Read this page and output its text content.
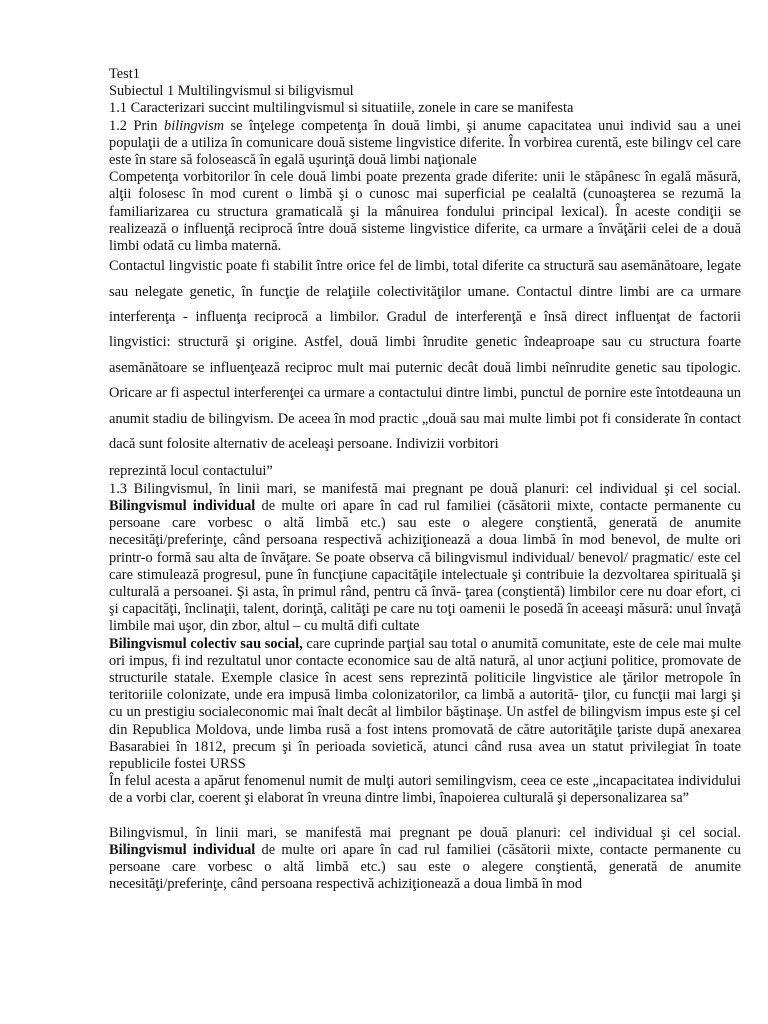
Test1
Subiectul 1 Multilingvismul si biligvismul
1.1 Caracterizari succint multilingvismul si situatiile, zonele in care se manifesta

1.2 Prin bilingvism se înţelege competenţa în două limbi, şi anume capacitatea unui individ sau a unei populaţii de a utiliza în comunicare două sisteme lingvistice diferite. În vorbirea curentă, este bilingv cel care este în stare să folosească în egală uşurinţă două limbi naţionale

Competenţa vorbitorilor în cele două limbi poate prezenta grade diferite: unii le stăpânesc în egală măsură, alţii folosesc în mod curent o limbă şi o cunosc mai superficial pe cealaltă (cunoaşterea se rezumă la familiarizarea cu structura gramaticală şi la mânuirea fondului principal lexical). În aceste condiţii se realizează o influenţă reciprocă între două sisteme lingvistice diferite, ca urmare a învăţării celei de a două limbi odată cu limba maternă.

Contactul lingvistic poate fi stabilit între orice fel de limbi, total diferite ca structură sau asemănătoare, legate sau nelegate genetic, în funcţie de relaţiile colectivităţilor umane. Contactul dintre limbi are ca urmare interferenţa - influenţa reciprocă a limbilor. Gradul de interferenţă e însă direct influenţat de factorii lingvistici: structură şi origine. Astfel, două limbi înrudite genetic îndeaproape sau cu structura foarte asemănătoare se influenţează reciproc mult mai puternic decât două limbi neînrudite genetic sau tipologic. Oricare ar fi aspectul interferenţei ca urmare a contactului dintre limbi, punctul de pornire este întotdeauna un anumit stadiu de bilingvism. De aceea în mod practic „două sau mai multe limbi pot fi considerate în contact dacă sunt folosite alternativ de aceleaşi persoane. Indivizii vorbitori

reprezintă locul contactului”

1.3 Bilingvismul, în linii mari, se manifestă mai pregnant pe două planuri: cel individual şi cel social. Bilingvismul individual de multe ori apare în cad rul familiei (căsătorii mixte, contacte permanente cu persoane care vorbesc o altă limbă etc.) sau este o alegere conştientă, generată de anumite necesităţi/preferinţe, când persoana respectivă achiziţionează a doua limbă în mod benevol, de multe ori printr-o formă sau alta de învăţare. Se poate observa că bilingvismul individual/ benevol/ pragmatic/ este cel care stimulează progresul, pune în funcţiune capacităţile intelectuale şi contribuie la dezvoltarea spirituală şi culturală a persoanei. Şi asta, în primul rând, pentru că învă- ţarea (conştientă) limbilor cere nu doar efort, ci şi capacităţi, înclinaţii, talent, dorinţă, calităţi pe care nu toţi oamenii le posedă în aceeaşi măsură: unul învaţă limbile mai uşor, din zbor, altul – cu multă difi cultate

Bilingvismul colectiv sau social, care cuprinde parţial sau total o anumită comunitate, este de cele mai multe ori impus, fi ind rezultatul unor contacte economice sau de altă natură, al unor acţiuni politice, promovate de structurile statale. Exemple clasice în acest sens reprezintă politicile lingvistice ale ţărilor metropole în teritoriile colonizate, unde era impusă limba colonizatorilor, ca limbă a autorită- ţilor, cu funcţii mai largi şi cu un prestigiu socialeconomic mai înalt decât al limbilor băştinaşe. Un astfel de bilingvism impus este şi cel din Republica Moldova, unde limba rusă a fost intens promovată de către autorităţile ţariste după anexarea Basarabiei în 1812, precum şi în perioada sovietică, atunci când rusa avea un statut privilegiat în toate republicile fostei URSS

În felul acesta a apărut fenomenul numit de mulţi autori semilingvism, ceea ce este „incapacitatea individului de a vorbi clar, coerent şi elaborat în vreuna dintre limbi, înapoierea culturală şi depersonalizarea sa”

Bilingvismul, în linii mari, se manifestă mai pregnant pe două planuri: cel individual şi cel social. Bilingvismul individual de multe ori apare în cad rul familiei (căsătorii mixte, contacte permanente cu persoane care vorbesc o altă limbă etc.) sau este o alegere conştientă, generată de anumite necesităţi/preferinţe, când persoana respectivă achiziţionează a doua limbă în mod
